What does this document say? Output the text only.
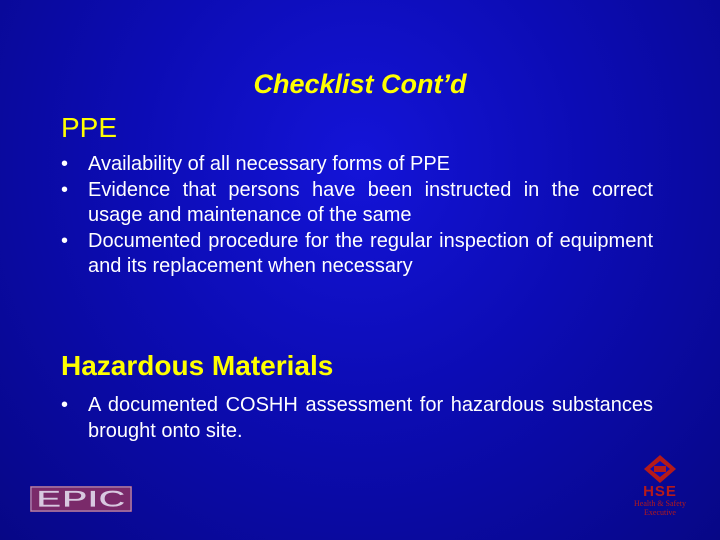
Checklist Cont’d
PPE
• Availability of all necessary forms of PPE
• Evidence that persons have been instructed in the correct usage and maintenance of the same
• Documented procedure for the regular inspection of equipment and its replacement when necessary
Hazardous Materials
• A documented COSHH assessment for hazardous substances brought onto site.
EPIC	HSE
Health & Safety
Executive
